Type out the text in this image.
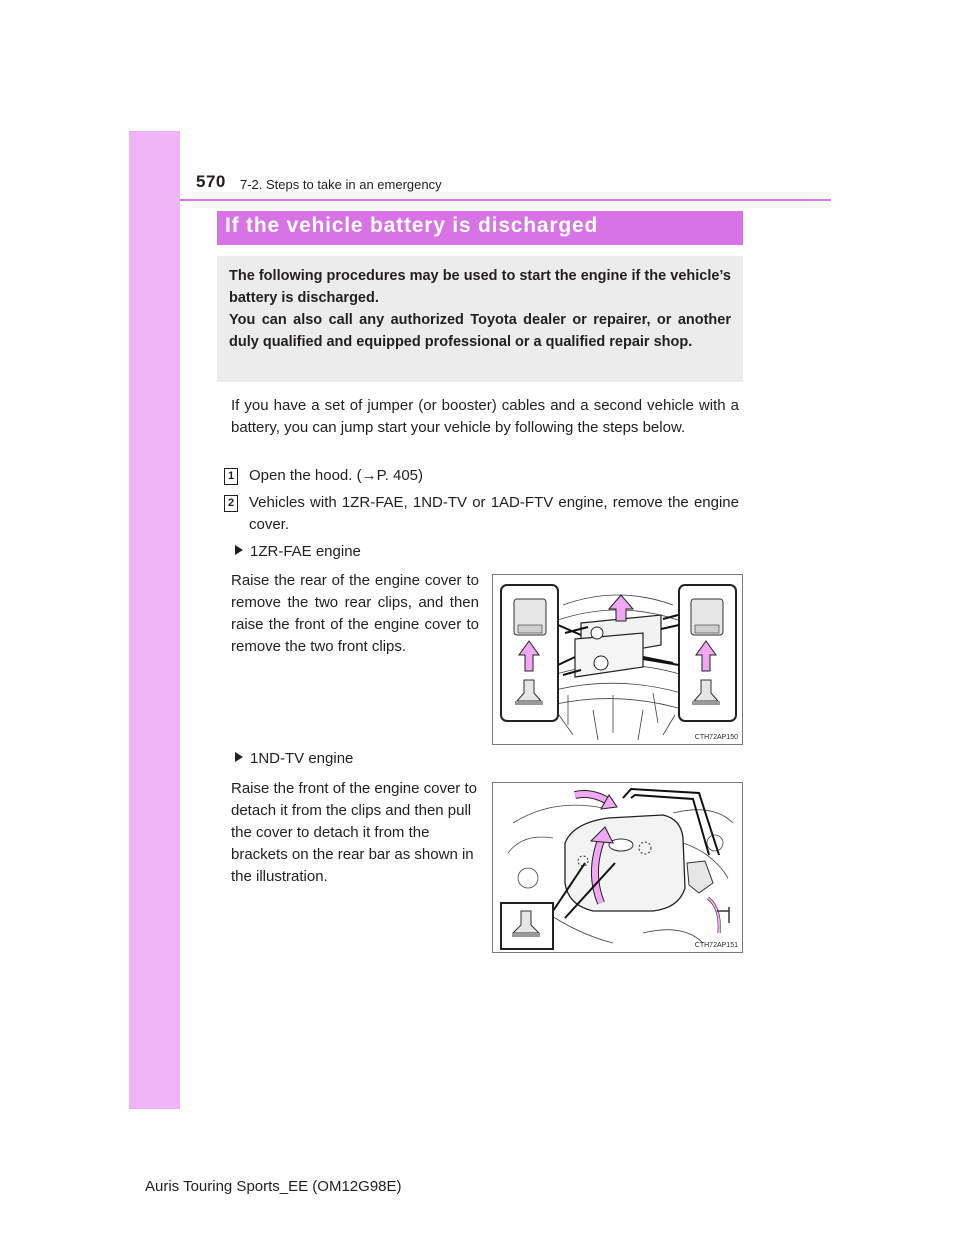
570 7-2. Steps to take in an emergency
If the vehicle battery is discharged

The following procedures may be used to start the engine if the vehicle’s battery is discharged.

You can also call any authorized Toyota dealer or repairer, or another duly qualified and equipped professional or a qualified repair shop.

If you have a set of jumper (or booster) cables and a second vehicle with a battery, you can jump start your vehicle by following the steps below.
1 Open the hood. (→P. 405)
2 Vehicles with 1ZR-FAE, 1ND-TV or 1AD-FTV engine, remove the engine cover.
1ZR-FAE engine
Raise the rear of the engine cover to remove the two rear clips, and then raise the front of the engine cover to remove the two front clips.
CTH72AP150
1ND-TV engine
Raise the front of the engine cover to detach it from the clips and then pull the cover to detach it from the brackets on the rear bar as shown in the illustration.
CTH72AP151
Auris Touring Sports_EE (OM12G98E)
